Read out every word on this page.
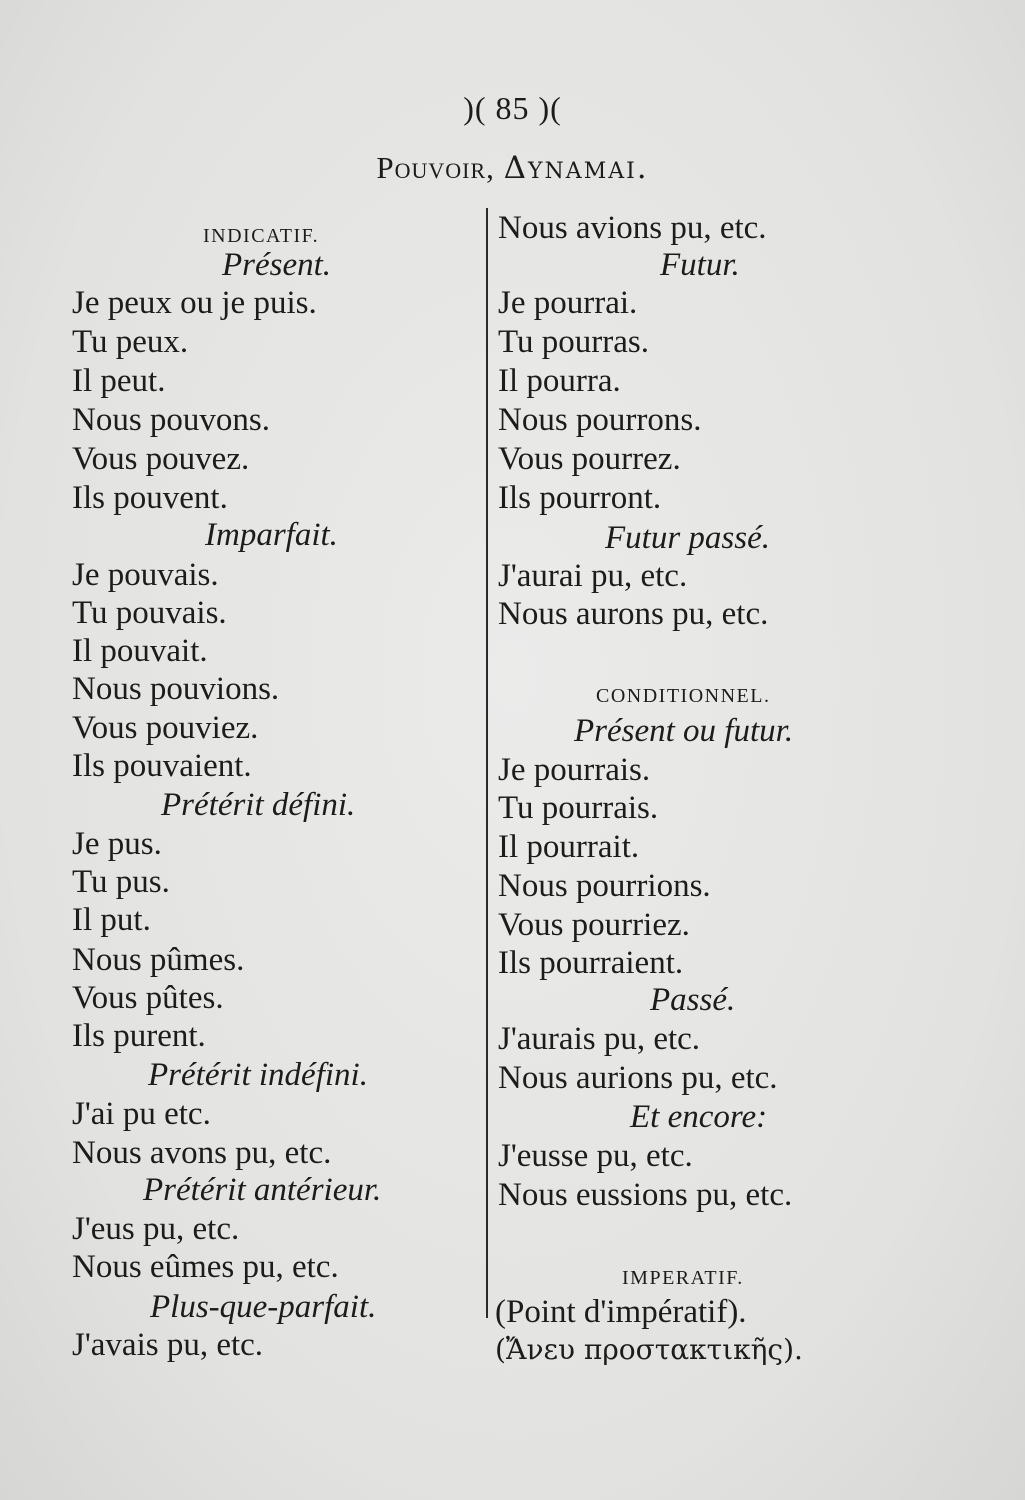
)( 85 )(
Pouvoir, Δυναμαι.
INDICATIF.
Présent.
Je peux ou je puis.
Tu peux.
Il peut.
Nous pouvons.
Vous pouvez.
Ils pouvent.
Imparfait.
Je pouvais.
Tu pouvais.
Il pouvait.
Nous pouvions.
Vous pouviez.
Ils pouvaient.
Prétérit défini.
Je pus.
Tu pus.
Il put.
Nous pûmes.
Vous pûtes.
Ils purent.
Prétérit indéfini.
J'ai pu etc.
Nous avons pu, etc.
Prétérit antérieur.
J'eus pu, etc.
Nous eûmes pu, etc.
Plus-que-parfait.
J'avais pu, etc.
Nous avions pu, etc.
Futur.
Je pourrai.
Tu pourras.
Il pourra.
Nous pourrons.
Vous pourrez.
Ils pourront.
Futur passé.
J'aurai pu, etc.
Nous aurons pu, etc.
CONDITIONNEL.
Présent ou futur.
Je pourrais.
Tu pourrais.
Il pourrait.
Nous pourrions.
Vous pourriez.
Ils pourraient.
Passé.
J'aurais pu, etc.
Nous aurions pu, etc.
Et encore:
J'eusse pu, etc.
Nous eussions pu, etc.
IMPERATIF.
(Point d'impératif).
(Ἄνευ προστακτικῆς).
